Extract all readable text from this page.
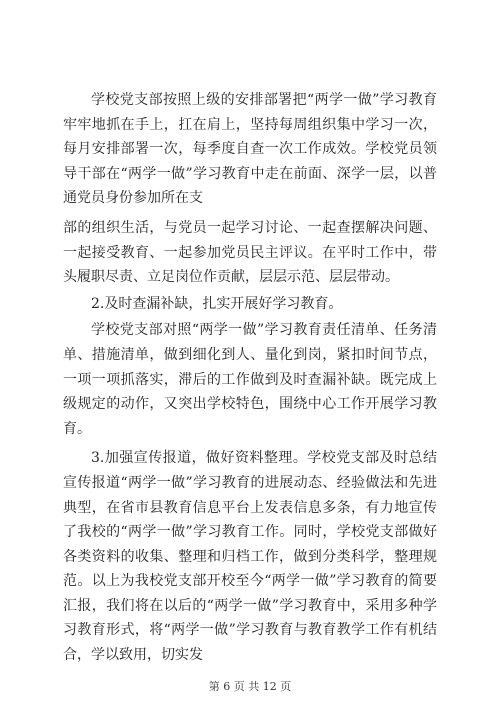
学校党支部按照上级的安排部署把“两学一做”学习教育牢牢地抓在手上，扛在肩上，坚持每周组织集中学习一次，每月安排部署一次，每季度自查一次工作成效。学校党员领导干部在“两学一做”学习教育中走在前面、深学一层，以普通党员身份参加所在支

部的组织生活，与党员一起学习讨论、一起查摆解决问题、一起接受教育、一起参加党员民主评议。在平时工作中，带头履职尽责、立足岗位作贡献，层层示范、层层带动。

2.及时查漏补缺，扎实开展好学习教育。

学校党支部对照“两学一做”学习教育责任清单、任务清单、措施清单，做到细化到人、量化到岗，紧扣时间节点，一项一项抓落实，滞后的工作做到及时查漏补缺。既完成上级规定的动作，又突出学校特色，围绕中心工作开展学习教育。

3.加强宣传报道，做好资料整理。学校党支部及时总结宣传报道“两学一做”学习教育的进展动态、经验做法和先进典型，在省市县教育信息平台上发表信息多条，有力地宣传了我校的“两学一做”学习教育工作。同时，学校党支部做好各类资料的收集、整理和归档工作，做到分类科学，整理规范。以上为我校党支部开校至今“两学一做”学习教育的简要汇报，我们将在以后的“两学一做”学习教育中，采用多种学习教育形式，将“两学一做”学习教育与教育教学工作有机结合，学以致用，切实发

第 6 页 共 12 页
